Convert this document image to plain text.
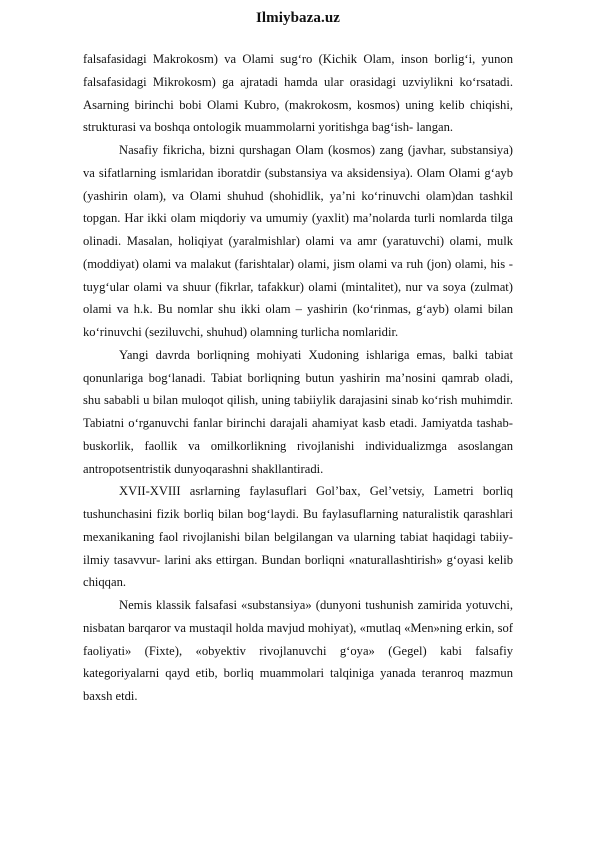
Ilmiybaza.uz

falsafasidagi Makrokosm) va Olami sug‘ro (Kichik Olam, inson borlig‘i, yunon falsafasidagi Mikrokosm) ga ajratadi hamda ular orasidagi uzviylikni ko‘rsatadi. Asarning birinchi bobi Olami Kubro, (makrokosm, kosmos) uning kelib chiqishi, strukturasi va boshqa ontologik muammolarni yoritishga bag‘ish- langan.

Nasafiy fikricha, bizni qurshagan Olam (kosmos) zang (javhar, substansiya) va sifatlarning ismlaridan iboratdir (substansiya va aksidensiya). Olam Olami g‘ayb (yashirin olam), va Olami shuhud (shohidlik, ya’ni ko‘rinuvchi olam)dan tashkil topgan. Har ikki olam miqdoriy va umumiy (yaxlit) ma’nolarda turli nomlarda tilga olinadi. Masalan, holiqiyat (yaralmishlar) olami va amr (yaratuvchi) olami, mulk (moddiyat) olami va malakut (farishtalar) olami, jism olami va ruh (jon) olami, his -tuyg‘ular olami va shuur (fikrlar, tafakkur) olami (mintalitet), nur va soya (zulmat) olami va h.k. Bu nomlar shu ikki olam – yashirin (ko‘rinmas, g‘ayb) olami bilan ko‘rinuvchi (seziluvchi, shuhud) olamning turlicha nomlaridir.

Yangi davrda borliqning mohiyati Xudoning ishlariga emas, balki tabiat qonunlariga bog‘lanadi. Tabiat borliqning butun yashirin ma’nosini qamrab oladi, shu sababli u bilan muloqot qilish, uning tabiiylik darajasini sinab ko‘rish muhimdir. Tabiatni o‘rganuvchi fanlar birinchi darajali ahamiyat kasb etadi. Jamiyatda tashab- buskorlik, faollik va omilkorlikning rivojlanishi individualizmga asoslangan antropotsentristik dunyoqarashni shakllantiradi.

XVII-XVIII asrlarning faylasuflari Gol’bax, Gel’vetsiy, Lametri borliq tushunchasini fizik borliq bilan bog‘laydi. Bu faylasuflarning naturalistik qarashlari mexanikaning faol rivojlanishi bilan belgilangan va ularning tabiat haqidagi tabiiy-ilmiy tasavvur- larini aks ettirgan. Bundan borliqni «naturallashtirish» g‘oyasi kelib chiqqan.

Nemis klassik falsafasi «substansiya» (dunyoni tushunish zamirida yotuvchi, nisbatan barqaror va mustaqil holda mavjud mohiyat), «mutlaq «Men»ning erkin, sof faoliyati» (Fixte), «obyektiv rivojlanuvchi g‘oya» (Gegel) kabi falsafiy kategoriyalarni qayd etib, borliq muammolari talqiniga yanada teranroq mazmun baxsh etdi.
